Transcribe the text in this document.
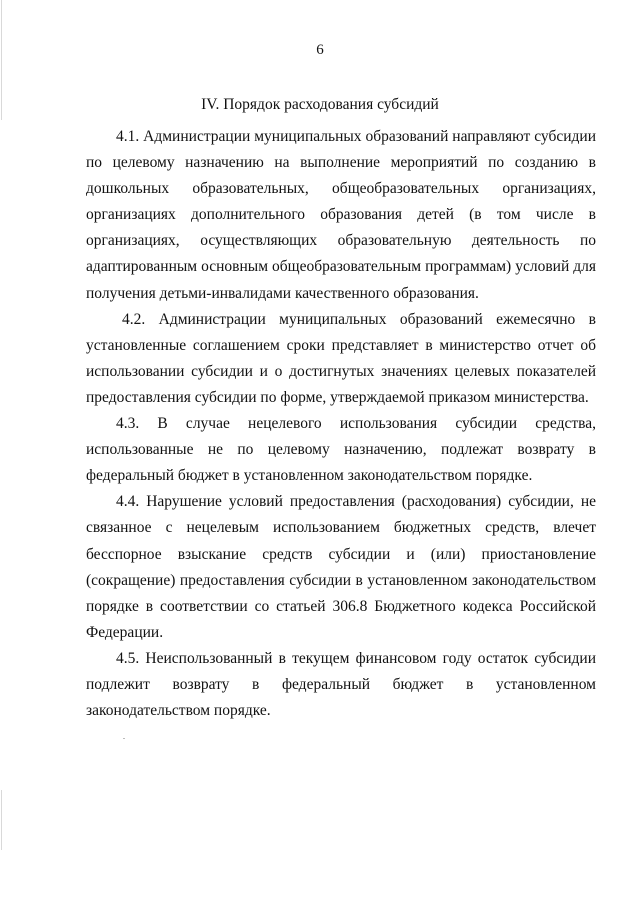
6
IV. Порядок расходования субсидий

4.1. Администрации муниципальных образований направляют субсидии
по целевому назначению на выполнение мероприятий по созданию в
дошкольных образовательных, общеобразовательных организациях,
организациях дополнительного образования детей (в том числе в
организациях, осуществляющих образовательную деятельность по
адаптированным основным общеобразовательным программам) условий для
получения детьми-инвалидами качественного образования.

4.2. Администрации муниципальных образований ежемесячно в
установленные соглашением сроки представляет в министерство отчет об
использовании субсидии и о достигнутых значениях целевых показателей
предоставления субсидии по форме, утверждаемой приказом министерства.

4.3. В случае нецелевого использования субсидии средства,
использованные не по целевому назначению, подлежат возврату в
федеральный бюджет в установленном законодательством порядке.

4.4. Нарушение условий предоставления (расходования) субсидии, не
связанное с нецелевым использованием бюджетных средств, влечет
бесспорное взыскание средств субсидии и (или) приостановление
(сокращение) предоставления субсидии в установленном законодательством
порядке в соответствии со статьей 306.8 Бюджетного кодекса Российской
Федерации.

4.5. Неиспользованный в текущем финансовом году остаток субсидии
подлежит возврату в федеральный бюджет в установленном
законодательством порядке.
